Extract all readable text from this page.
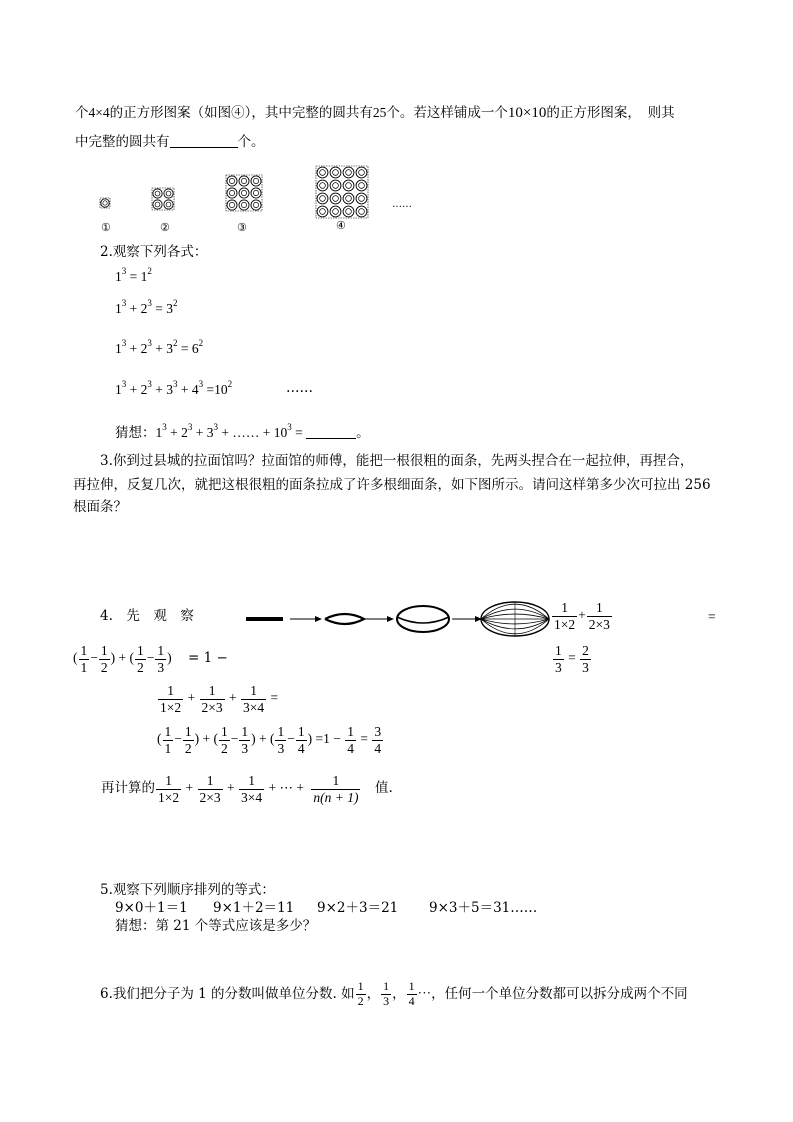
个4×4的正方形图案（如图④），其中完整的圆共有25个。若这样铺成一个10×10的正方形图案，　则其
中完整的圆共有	个。
①	②	③	④
……
2.观察下列各式：
$1^3 = 1^2$
$1^3 + 2^3 = 3^2$
$1^3 + 2^3 + 3^2 = 6^2$
$1^3 + 2^3 + 3^3 + 4^3 =10^2$	……
猜想：$1^3 + 2^3 + 3^3$ + …… + $10^3$ =	。
3.你到过县城的拉面馆吗？拉面馆的师傅，能把一根很粗的面条，先两头捏合在一起拉伸，再捏合，
再拉伸，反复几次，就把这根很粗的面条拉成了许多根细面条，如下图所示。请问这样第多少次可拉出 256
根面条？
4.　先　观　察	$\frac{1}{1\times 2} + \frac{1}{2\times 3}$	=
( $\frac{1}{1} - \frac{1}{2}$ ) + ( $\frac{1}{2} - \frac{1}{3}$ ) = 1 −	$\frac{1}{3} = \frac{2}{3}$
$\frac{1}{1\times 2} + \frac{1}{2\times 3} + \frac{1}{3\times 4}$ =
( $\frac{1}{1} - \frac{1}{2}$ ) + ( $\frac{1}{2} - \frac{1}{3}$ ) + ( $\frac{1}{3} - \frac{1}{4}$ ) $=1 - \frac{1}{4} = \frac{3}{4}$
再计算的 $\frac{1}{1\times 2} + \frac{1}{2\times 3} + \frac{1}{3\times 4}$ + ⋯ + $\frac{1}{n(n + 1)}$
　 值.
5.观察下列顺序排列的等式：
9×0＋1＝1 9×1＋2＝11 9×2＋3＝21 9×3＋5＝31……
猜想：第 21 个等式应该是多少？
6.我们把分子为 1 的分数叫做单位分数. 如 $\frac{1}{2}$ ， $\frac{1}{3}$ ， $\frac{1}{4}$ ⋯，任何一个单位分数都可以拆分成两个不同
